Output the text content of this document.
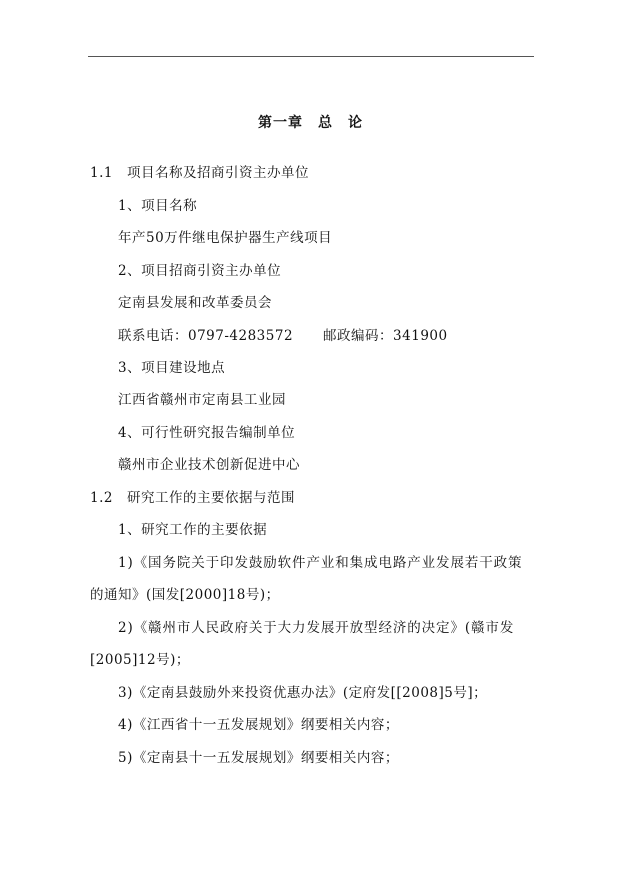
第一章　总　论
1.1　项目名称及招商引资主办单位
1、项目名称
年产50万件继电保护器生产线项目
2、项目招商引资主办单位
定南县发展和改革委员会
联系电话：0797-4283572 邮政编码：341900
3、项目建设地点
江西省赣州市定南县工业园
4、可行性研究报告编制单位
赣州市企业技术创新促进中心
1.2　研究工作的主要依据与范围
1、研究工作的主要依据
1)《国务院关于印发鼓励软件产业和集成电路产业发展若干政策
的通知》(国发[2000]18号)；
2)《赣州市人民政府关于大力发展开放型经济的决定》(赣市发
[2005]12号)；
3)《定南县鼓励外来投资优惠办法》(定府发[[2008]5号]；
4)《江西省十一五发展规划》纲要相关内容；
5)《定南县十一五发展规划》纲要相关内容；
